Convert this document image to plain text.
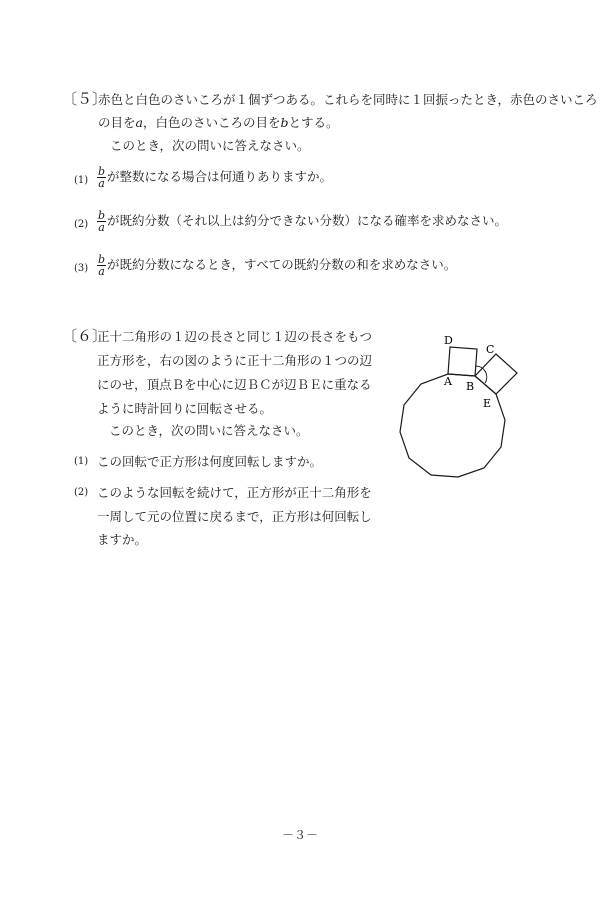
〔５〕
赤色と白色のさいころが１個ずつある。これらを同時に１回振ったとき，赤色のさいころ
の目をa，白色のさいころの目をbとする。
このとき，次の問いに答えなさい。
$(1) \frac{b}{a}$ が整数になる場合は何通りありますか。
$(2) \frac{b}{a}$ が既約分数（それ以上は約分できない分数）になる確率を求めなさい。
$(3) \frac{b}{a}$ が既約分数になるとき，すべての既約分数の和を求めなさい。
〔６〕
正十二角形の１辺の長さと同じ１辺の長さをもつ
正方形を，右の図のように正十二角形の１つの辺
にのせ，頂点Ｂを中心に辺ＢＣが辺ＢＥに重なる
ように時計回りに回転させる。
このとき，次の問いに答えなさい。
(1) この回転で正方形は何度回転しますか。
(2) このような回転を続けて，正方形が正十二角形を
一周して元の位置に戻るまで，正方形は何回転し
ますか。
D
C
A B
E
－３－
